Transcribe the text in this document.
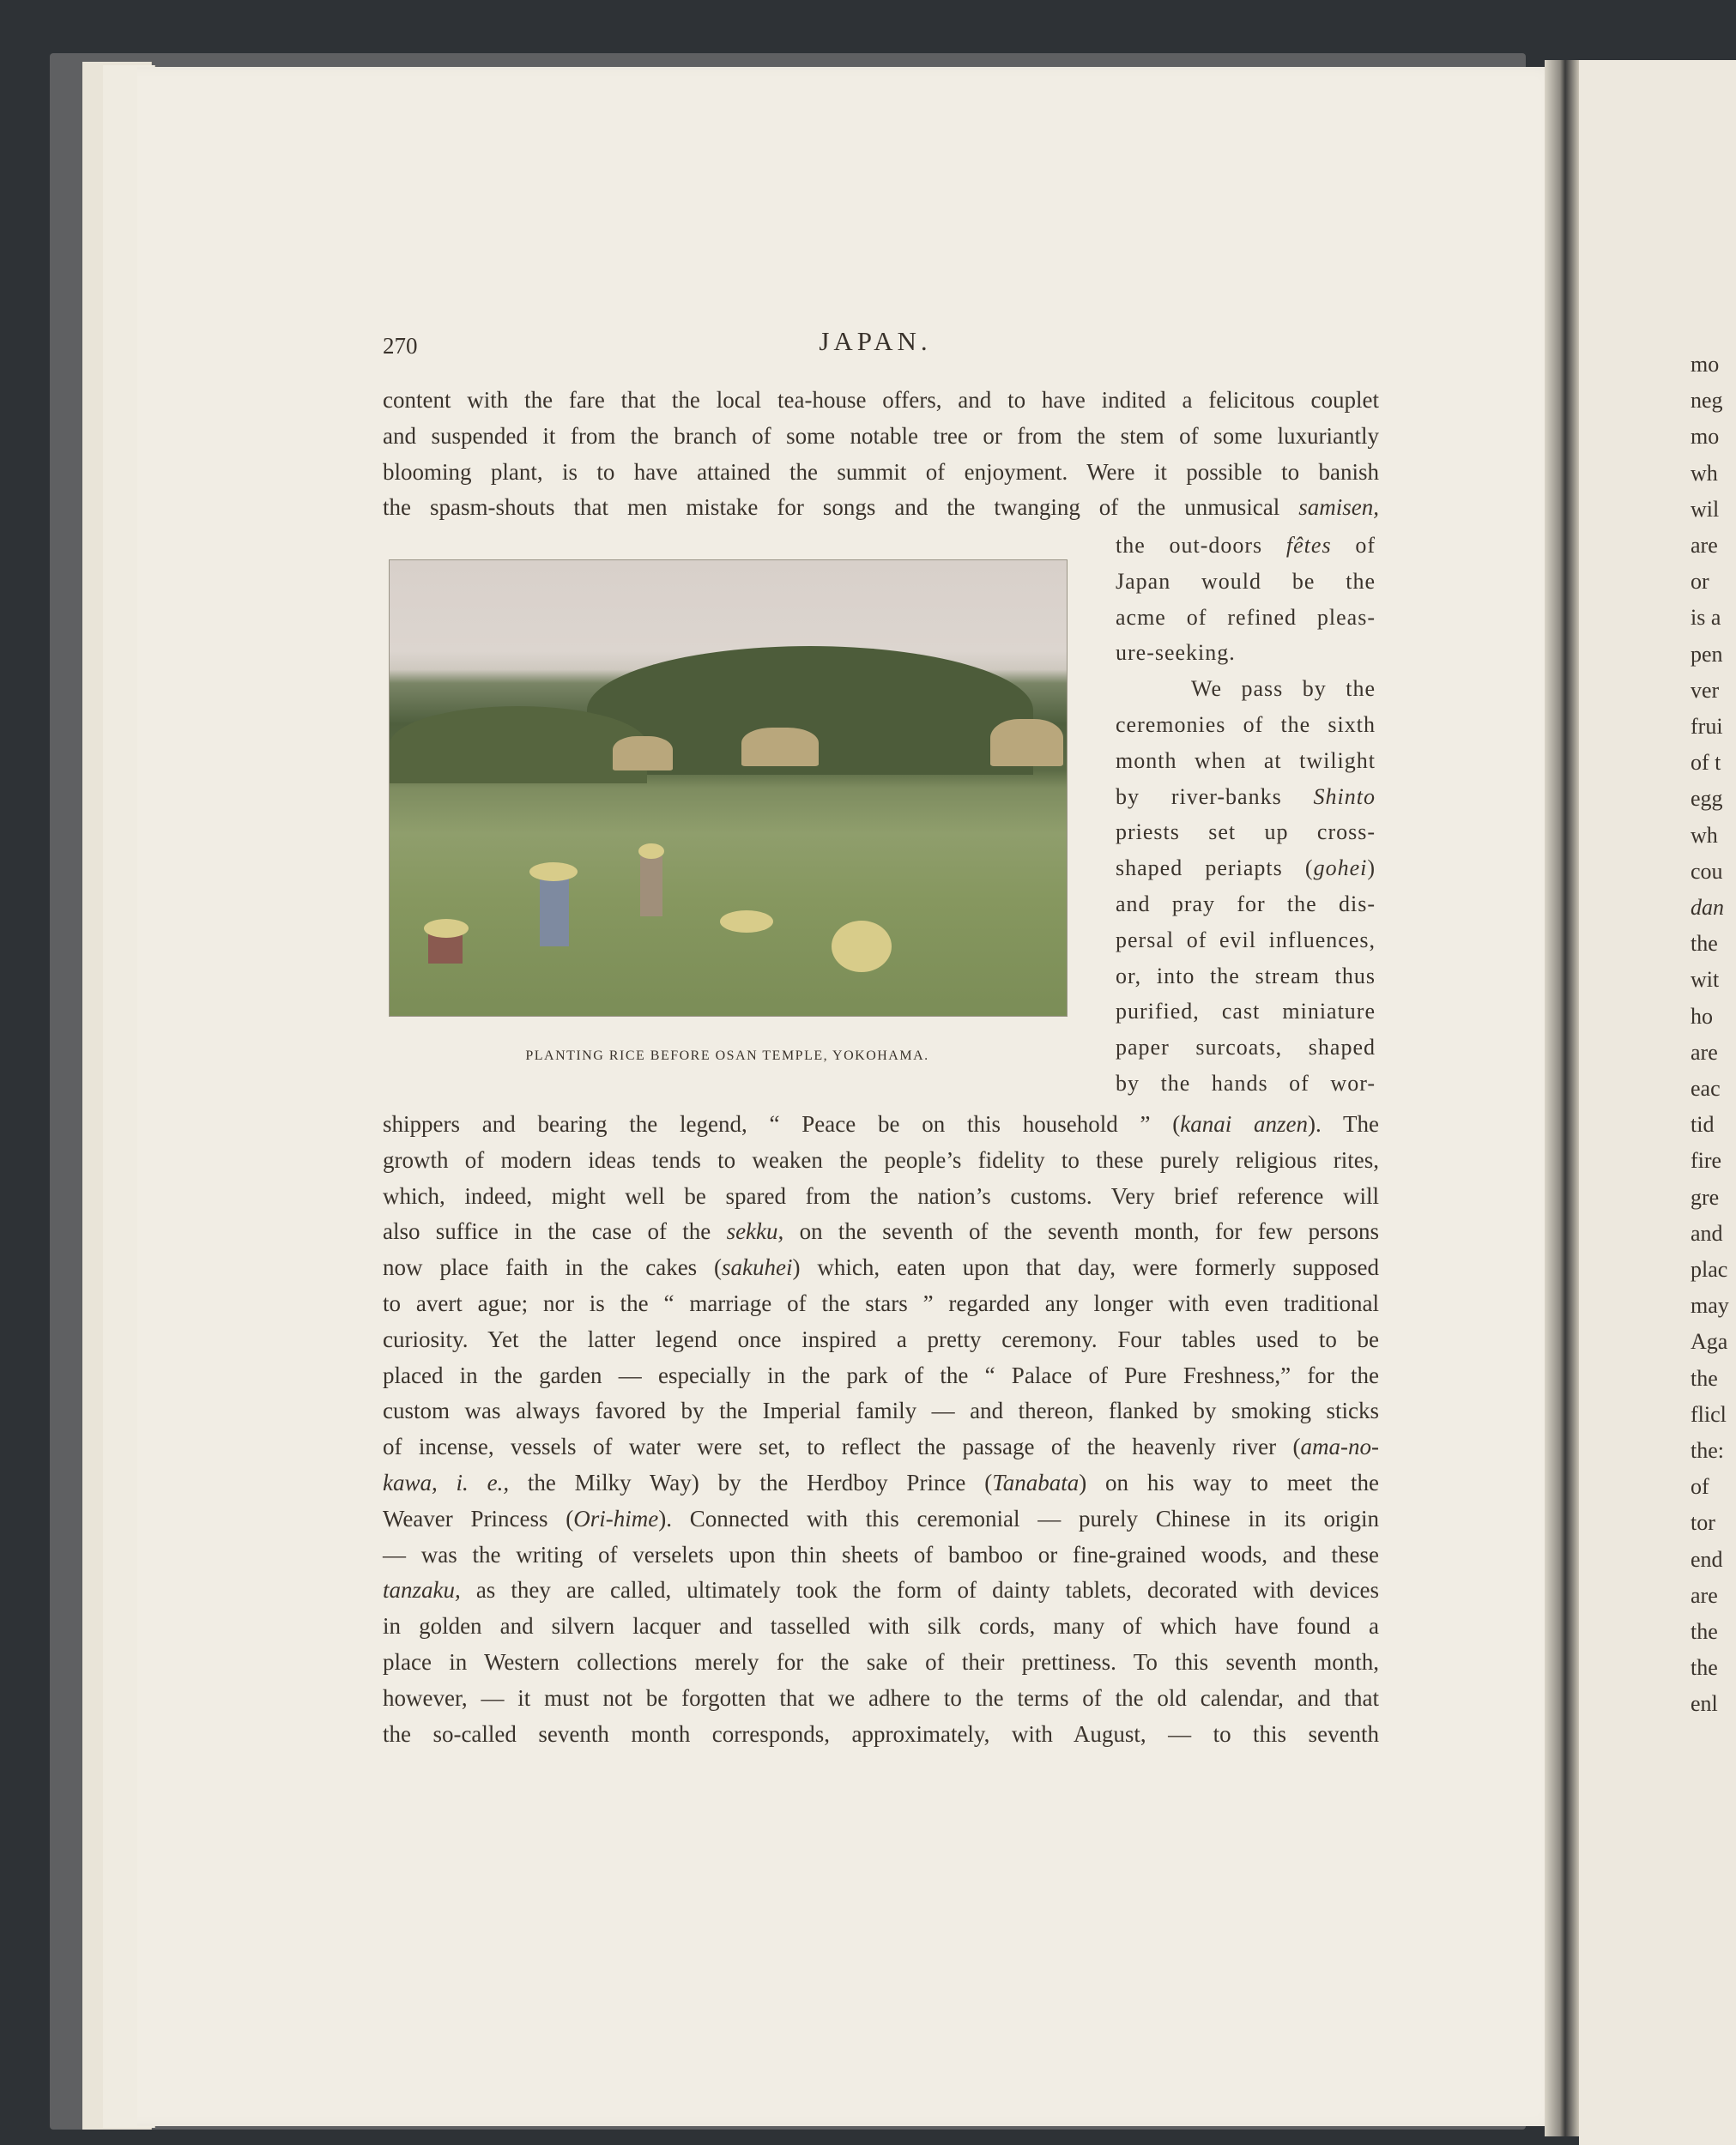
270	JAPAN.
content with the fare that the local tea-house offers, and to have indited a felicitous couplet
and suspended it from the branch of some notable tree or from the stem of some luxuriantly
blooming plant, is to have attained the summit of enjoyment. Were it possible to banish
the spasm-shouts that men mistake for songs and the twanging of the unmusical samisen,
the out-doors fêtes of
Japan would be the
acme of refined pleas-
ure-seeking.
We pass by the
ceremonies of the sixth
month when at twilight
by river-banks Shinto
priests set up cross-
shaped periapts (gohei)
and pray for the dis-
persal of evil influences,
or, into the stream thus
purified, cast miniature
paper surcoats, shaped
by the hands of wor-
shippers and bearing the legend, “ Peace be on this household ” (kanai anzen). The
growth of modern ideas tends to weaken the people’s fidelity to these purely religious rites,
which, indeed, might well be spared from the nation’s customs. Very brief reference will
also suffice in the case of the sekku, on the seventh of the seventh month, for few persons
now place faith in the cakes (sakuhei) which, eaten upon that day, were formerly supposed
to avert ague; nor is the “ marriage of the stars ” regarded any longer with even traditional
curiosity. Yet the latter legend once inspired a pretty ceremony. Four tables used to be
placed in the garden — especially in the park of the “ Palace of Pure Freshness,” for the
custom was always favored by the Imperial family — and thereon, flanked by smoking sticks
of incense, vessels of water were set, to reflect the passage of the heavenly river (ama-no-
kawa, i. e., the Milky Way) by the Herdboy Prince (Tanabata) on his way to meet the
Weaver Princess (Ori-hime). Connected with this ceremonial — purely Chinese in its origin
— was the writing of verselets upon thin sheets of bamboo or fine-grained woods, and these
tanzaku, as they are called, ultimately took the form of dainty tablets, decorated with devices
in golden and silvern lacquer and tasselled with silk cords, many of which have found a
place in Western collections merely for the sake of their prettiness. To this seventh month,
however, — it must not be forgotten that we adhere to the terms of the old calendar, and that
the so-called seventh month corresponds, approximately, with August, — to this seventh
PLANTING RICE BEFORE OSAN TEMPLE, YOKOHAMA.
mo
neg
mo
wh
wil
are
or
is a
pen
ver
frui
of t
egg
wh
cou
dan
the
wit
ho
are
eac
tid
fire
gre
and
plac
may
Aga
the
flicl
the:
of
tor
end
are
the
the
enl
